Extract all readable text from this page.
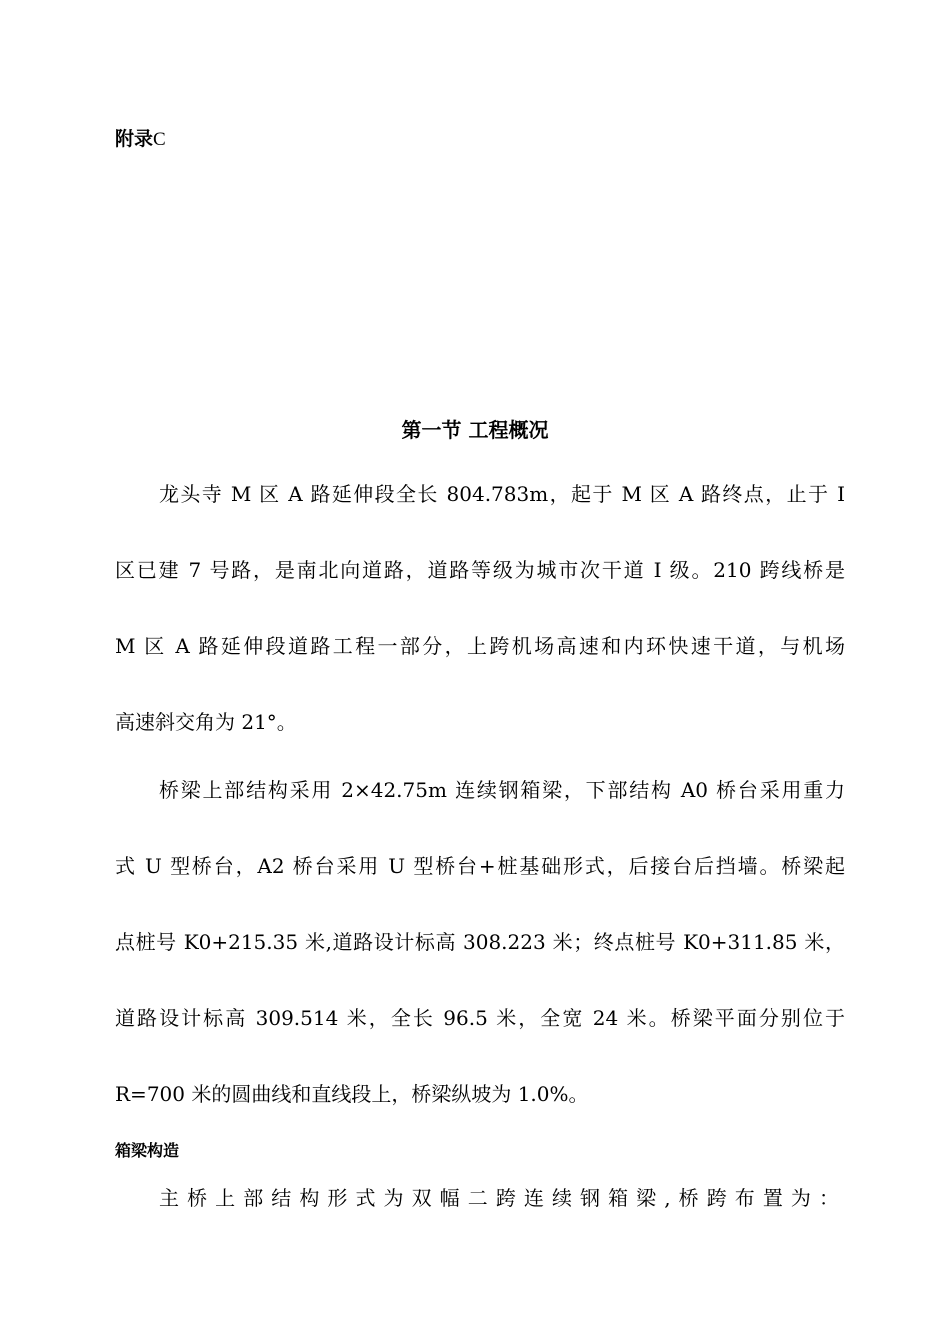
附录C
第一节 工程概况
龙头寺 M 区 A 路延伸段全长 804.783m，起于 M 区 A 路终点，止于 I
区已建 7 号路，是南北向道路，道路等级为城市次干道 I 级。210 跨线桥是
M 区 A 路延伸段道路工程一部分，上跨机场高速和内环快速干道，与机场
高速斜交角为 21°。
桥梁上部结构采用 2×42.75m 连续钢箱梁，下部结构 A0 桥台采用重力
式 U 型桥台，A2 桥台采用 U 型桥台+桩基础形式，后接台后挡墙。桥梁起
点桩号 K0+215.35 米,道路设计标高 308.223 米；终点桩号 K0+311.85 米，
道路设计标高 309.514 米，全长 96.5 米，全宽 24 米。桥梁平面分别位于
R=700 米的圆曲线和直线段上，桥梁纵坡为 1.0%。
箱梁构造
主桥上部结构形式为双幅二跨连续钢箱梁,桥跨布置为：
